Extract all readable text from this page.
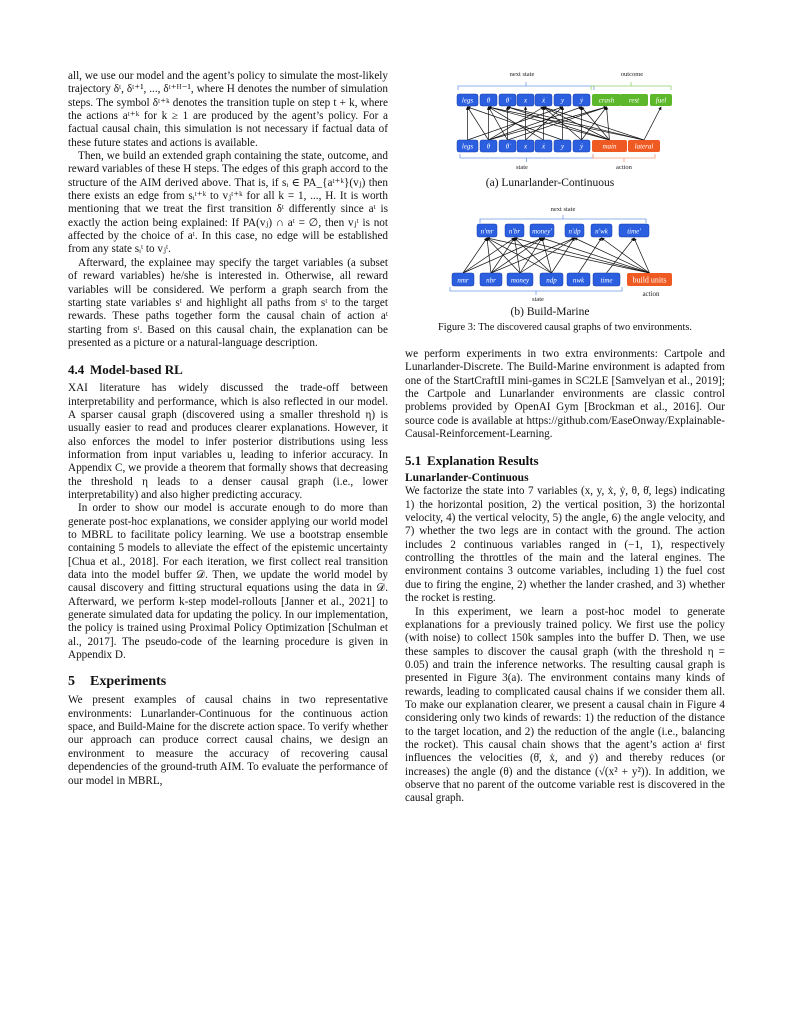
legs θ θ̇ x ẋ y ẏ crash rest fuel
legs θ θ̇ x ẋ y ẏ	main	lateral
next state	outcome
state	action
(a) Lunarlander-Continuous
n′mr n′br money′ n′dp n′wk	time′
nmr nbr money ndp nwk time build units
next state
state
action
(b) Build-Marine
Figure 3: The discovered causal graphs of two environments.

all, we use our model and the agent’s policy to simulate the most-likely trajectory δᵗ, δᵗ⁺¹, ..., δᵗ⁺ᴴ⁻¹, where H denotes the number of simulation steps. The symbol δᵗ⁺ᵏ denotes the transition tuple on step t + k, where the actions aᵗ⁺ᵏ for k ≥ 1 are produced by the agent’s policy. For a factual causal chain, this simulation is not necessary if factual data of these future states and actions is available.

Then, we build an extended graph containing the state, outcome, and reward variables of these H steps. The edges of this graph accord to the structure of the AIM derived above. That is, if sᵢ ∈ PA_{aᵗ⁺ᵏ}(vⱼ) then there exists an edge from sᵢᵗ⁺ᵏ to vⱼᵗ⁺ᵏ for all k = 1, ..., H. It is worth mentioning that we treat the first transition δᵗ differently since aᵗ is exactly the action being explained: If PA(vⱼ) ∩ aᵗ = ∅, then vⱼᵗ is not affected by the choice of aᵗ. In this case, no edge will be established from any state sᵢᵗ to vⱼᵗ.

Afterward, the explainee may specify the target variables (a subset of reward variables) he/she is interested in. Otherwise, all reward variables will be considered. We perform a graph search from the starting state variables sᵗ and highlight all paths from sᵗ to the target rewards. These paths together form the causal chain of action aᵗ starting from sᵗ. Based on this causal chain, the explanation can be presented as a picture or a natural-language description.

4.4 Model-based RL

XAI literature has widely discussed the trade-off between interpretability and performance, which is also reflected in our model. A sparser causal graph (discovered using a smaller threshold η) is usually easier to read and produces clearer explanations. However, it also enforces the model to infer posterior distributions using less information from input variables u, leading to inferior accuracy. In Appendix C, we provide a theorem that formally shows that decreasing the threshold η leads to a denser causal graph (i.e., lower interpretability) and also higher predicting accuracy.

In order to show our model is accurate enough to do more than generate post-hoc explanations, we consider applying our world model to MBRL to facilitate policy learning. We use a bootstrap ensemble containing 5 models to alleviate the effect of the epistemic uncertainty [Chua et al., 2018]. For each iteration, we first collect real transition data into the model buffer 𝒟. Then, we update the world model by causal discovery and fitting structural equations using the data in 𝒟. Afterward, we perform k-step model-rollouts [Janner et al., 2021] to generate simulated data for updating the policy. In our implementation, the policy is trained using Proximal Policy Optimization [Schulman et al., 2017]. The pseudo-code of the learning procedure is given in Appendix D.

5 Experiments

We present examples of causal chains in two representative environments: Lunarlander-Continuous for the continuous action space, and Build-Maine for the discrete action space. To verify whether our approach can produce correct causal chains, we design an environment to measure the accuracy of recovering causal dependencies of the ground-truth AIM. To evaluate the performance of our model in MBRL,

we perform experiments in two extra environments: Cartpole and Lunarlander-Discrete. The Build-Marine environment is adapted from one of the StartCraftII mini-games in SC2LE [Samvelyan et al., 2019]; the Cartpole and Lunarlander environments are classic control problems provided by OpenAI Gym [Brockman et al., 2016]. Our source code is available at https://github.com/EaseOnway/Explainable-Causal-Reinforcement-Learning.

5.1 Explanation Results
Lunarlander-Continuous

We factorize the state into 7 variables (x, y, ẋ, ẏ, θ, θ̇, legs) indicating 1) the horizontal position, 2) the vertical position, 3) the horizontal velocity, 4) the vertical velocity, 5) the angle, 6) the angle velocity, and 7) whether the two legs are in contact with the ground. The action includes 2 continuous variables ranged in (−1, 1), respectively controlling the throttles of the main and the lateral engines. The environment contains 3 outcome variables, including 1) the fuel cost due to firing the engine, 2) whether the lander crashed, and 3) whether the rocket is resting.

In this experiment, we learn a post-hoc model to generate explanations for a previously trained policy. We first use the policy (with noise) to collect 150k samples into the buffer D. Then, we use these samples to discover the causal graph (with the threshold η = 0.05) and train the inference networks. The resulting causal graph is presented in Figure 3(a). The environment contains many kinds of rewards, leading to complicated causal chains if we consider them all. To make our explanation clearer, we present a causal chain in Figure 4 considering only two kinds of rewards: 1) the reduction of the distance to the target location, and 2) the reduction of the angle (i.e., balancing the rocket). This causal chain shows that the agent’s action aᵗ first influences the velocities (θ̇, ẋ, and ẏ) and thereby reduces (or increases) the angle (θ) and the distance (√(x² + y²)). In addition, we observe that no parent of the outcome variable rest is discovered in the causal graph.
